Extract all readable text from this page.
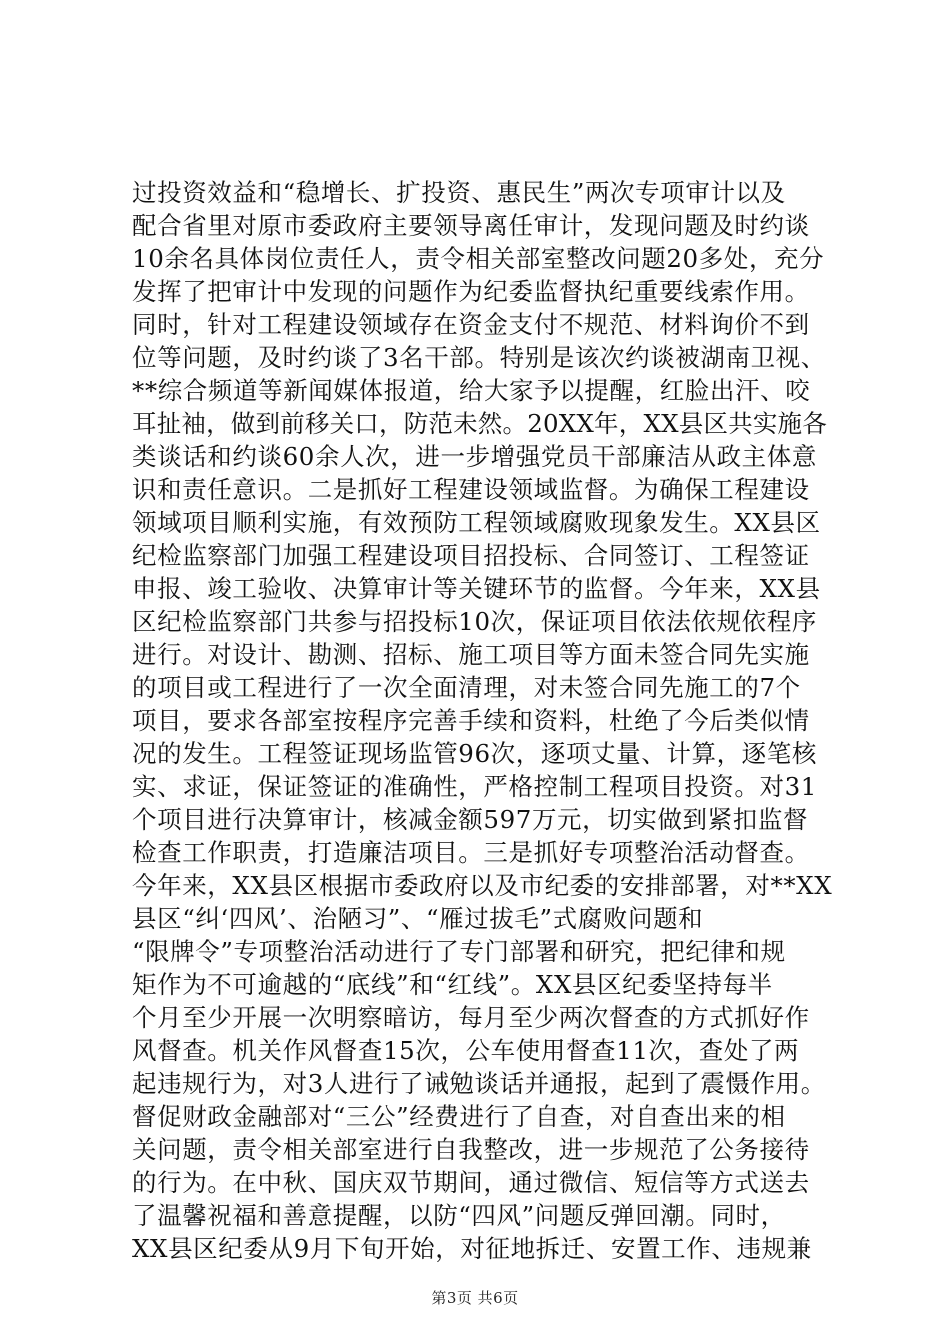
过投资效益和“稳增长、扩投资、惠民生”两次专项审计以及
配合省里对原市委政府主要领导离任审计，发现问题及时约谈
10余名具体岗位责任人，责令相关部室整改问题20多处，充分
发挥了把审计中发现的问题作为纪委监督执纪重要线索作用。
同时，针对工程建设领域存在资金支付不规范、材料询价不到
位等问题，及时约谈了3名干部。特别是该次约谈被湖南卫视、
**综合频道等新闻媒体报道，给大家予以提醒，红脸出汗、咬
耳扯袖，做到前移关口，防范未然。20XX年，XX县区共实施各
类谈话和约谈60余人次，进一步增强党员干部廉洁从政主体意
识和责任意识。二是抓好工程建设领域监督。为确保工程建设
领域项目顺利实施，有效预防工程领域腐败现象发生。XX县区
纪检监察部门加强工程建设项目招投标、合同签订、工程签证
申报、竣工验收、决算审计等关键环节的监督。今年来，XX县
区纪检监察部门共参与招投标10次，保证项目依法依规依程序
进行。对设计、勘测、招标、施工项目等方面未签合同先实施
的项目或工程进行了一次全面清理，对未签合同先施工的7个
项目，要求各部室按程序完善手续和资料，杜绝了今后类似情
况的发生。工程签证现场监管96次，逐项丈量、计算，逐笔核
实、求证，保证签证的准确性，严格控制工程项目投资。对31
个项目进行决算审计，核减金额597万元，切实做到紧扣监督
检查工作职责，打造廉洁项目。三是抓好专项整治活动督查。
今年来，XX县区根据市委政府以及市纪委的安排部署，对**XX
县区“纠‘四风’、治陋习”、“雁过拔毛”式腐败问题和
“限牌令”专项整治活动进行了专门部署和研究，把纪律和规
矩作为不可逾越的“底线”和“红线”。XX县区纪委坚持每半
个月至少开展一次明察暗访，每月至少两次督查的方式抓好作
风督查。机关作风督查15次，公车使用督查11次，查处了两
起违规行为，对3人进行了诫勉谈话并通报，起到了震慑作用。
督促财政金融部对“三公”经费进行了自查，对自查出来的相
关问题，责令相关部室进行自我整改，进一步规范了公务接待
的行为。在中秋、国庆双节期间，通过微信、短信等方式送去
了温馨祝福和善意提醒，以防“四风”问题反弹回潮。同时，
XX县区纪委从9月下旬开始，对征地拆迁、安置工作、违规兼
第3页 共6页
